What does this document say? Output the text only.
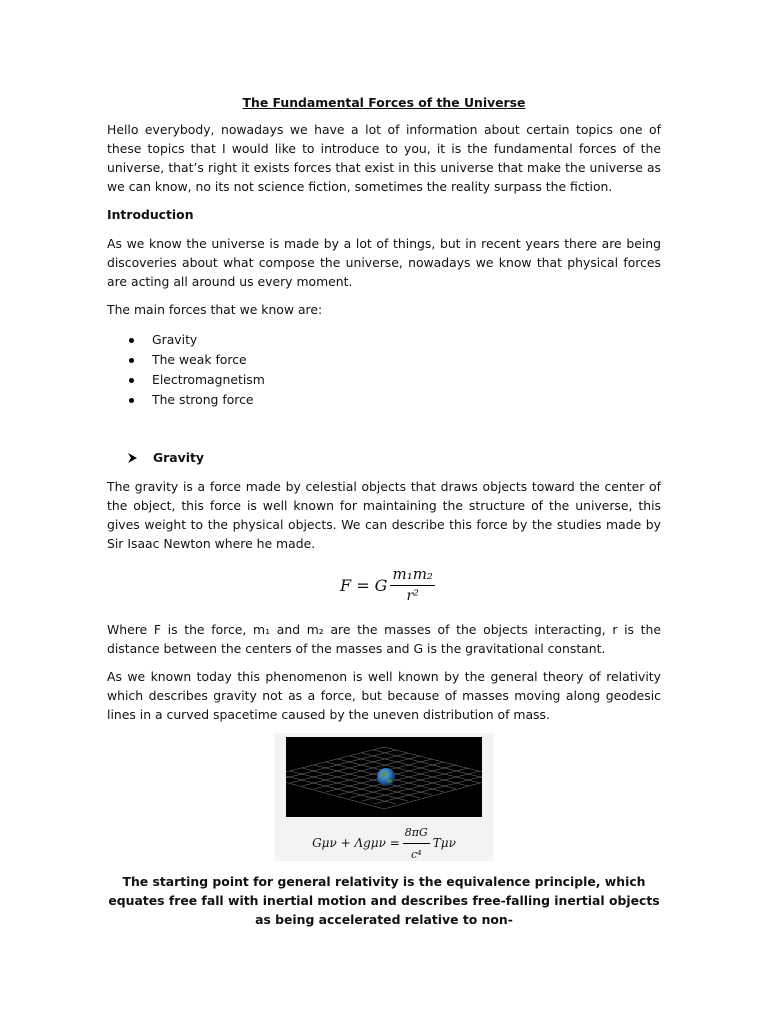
The Fundamental Forces of the Universe
Hello everybody, nowadays we have a lot of information about certain topics one of these topics that I would like to introduce to you, it is the fundamental forces of the universe, that’s right it exists forces that exist in this universe that make the universe as we can know, no its not science fiction, sometimes the reality surpass the fiction.
Introduction
As we know the universe is made by a lot of things, but in recent years there are being discoveries about what compose the universe, nowadays we know that physical forces are acting all around us every moment.
The main forces that we know are:
Gravity
The weak force
Electromagnetism
The strong force
Gravity
The gravity is a force made by celestial objects that draws objects toward the center of the object, this force is well known for maintaining the structure of the universe, this gives weight to the physical objects. We can describe this force by the studies made by Sir Isaac Newton where he made.
F = G $\frac{\text{m₁m₂}}{\text{r²}}$
Where F is the force, m₁ and m₂ are the masses of the objects interacting, r is the distance between the centers of the masses and G is the gravitational constant.
As we known today this phenomenon is well known by the general theory of relativity which describes gravity not as a force, but because of masses moving along geodesic lines in a curved spacetime caused by the uneven distribution of mass.
$G\mu\nu + \Lambda g\mu\nu = \frac{8\pi G}{\text{c⁴}}$ Tμν
The starting point for general relativity is the equivalence principle, which equates free fall with inertial motion and describes free-falling inertial objects as being accelerated relative to non-
